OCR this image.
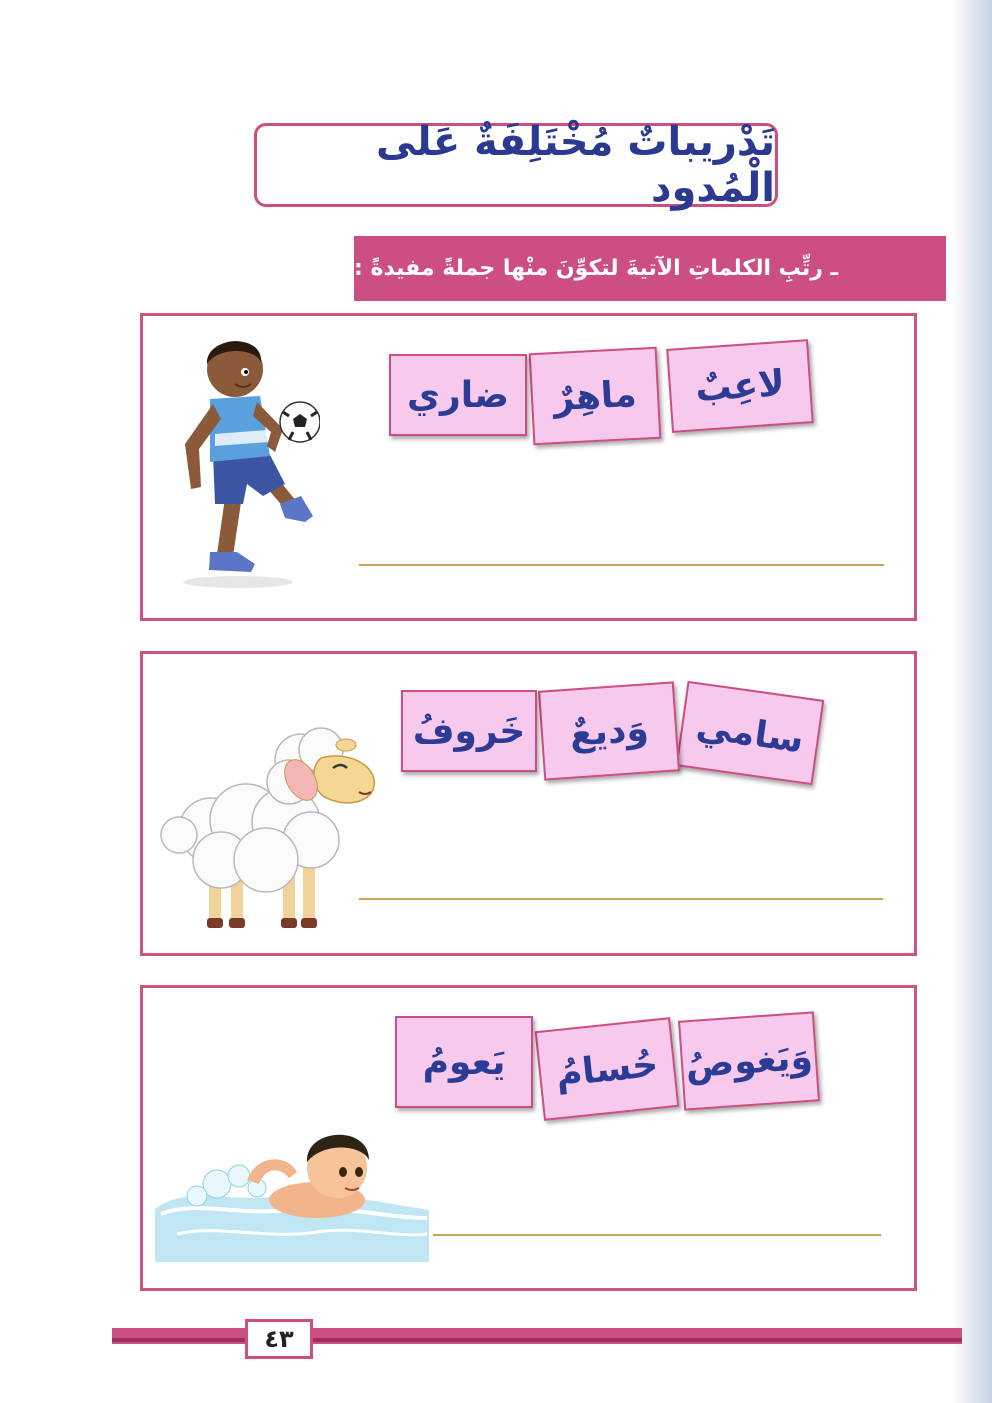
تَدْريباتٌ مُخْتَلِفَةٌ عَلى الْمُدود
ـ رتِّبِ الكلماتِ الآتيةَ لتكوِّنَ منْها جملةً مفيدةً :
لاعِبٌ
ماهِرٌ
ضاري
سامي
وَديعٌ
خَروفُ
وَيَغوصُ
حُسامُ
يَعومُ
٤٣
